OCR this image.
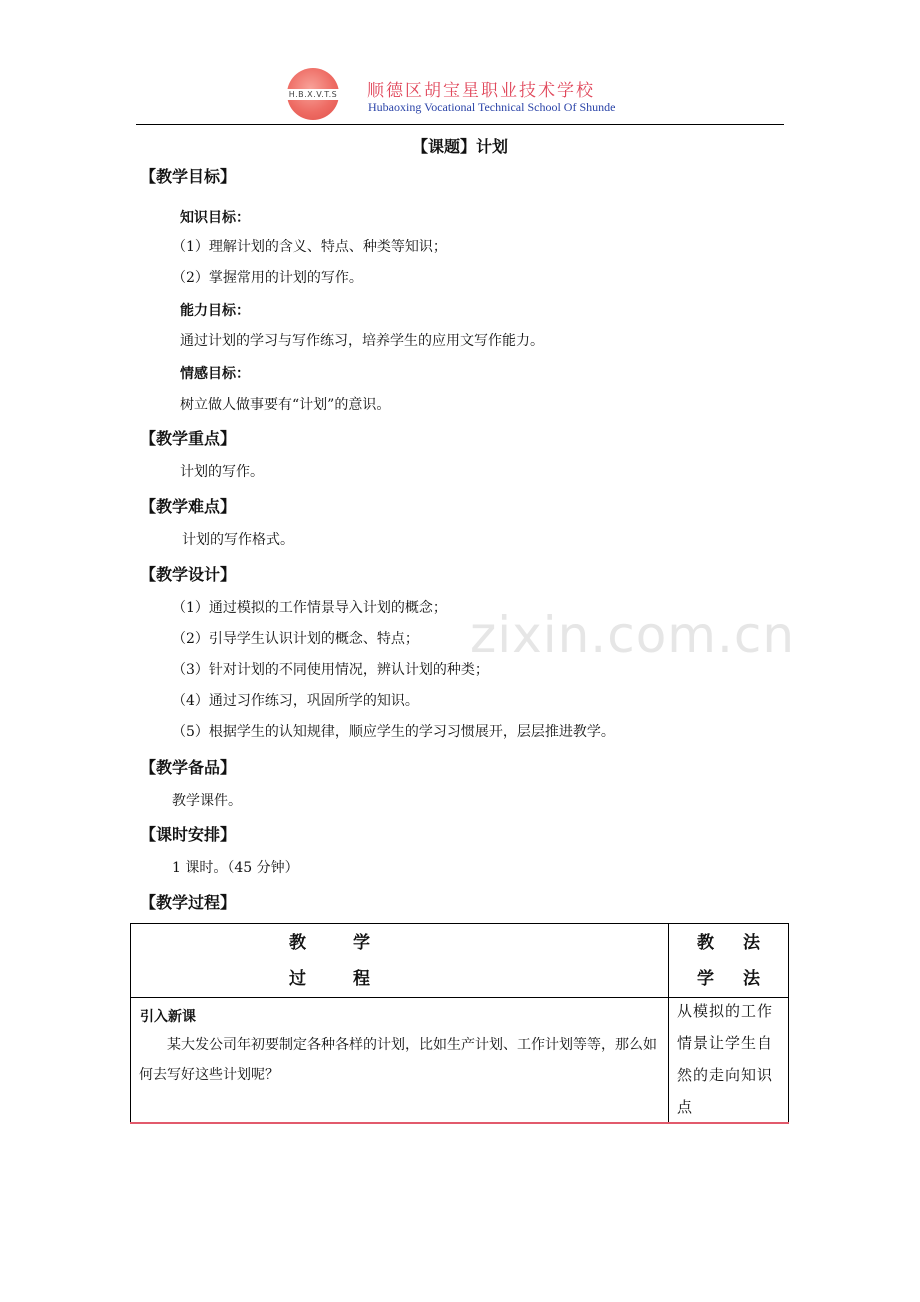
H.B.X.V.T.S 顺德区胡宝星职业技术学校
Hubaoxing Vocational Technical School Of Shunde
【课题】计划
【教学目标】
知识目标：
（1）理解计划的含义、特点、种类等知识；
（2）掌握常用的计划的写作。
能力目标：
通过计划的学习与写作练习，培养学生的应用文写作能力。
情感目标：
树立做人做事要有“计划”的意识。
【教学重点】
计划的写作。
【教学难点】
计划的写作格式。
【教学设计】
（1）通过模拟的工作情景导入计划的概念；
（2）引导学生认识计划的概念、特点；
（3）针对计划的不同使用情况，辨认计划的种类；
（4）通过习作练习，巩固所学的知识。
（5）根据学生的认知规律，顺应学生的学习习惯展开，层层推进教学。
zixin.com.cn
【教学备品】
教学课件。
【课时安排】
1 课时。（45 分钟）
【教学过程】
教	学
过	程
教 法
学 法
引入新课
某大发公司年初要制定各种各样的计划，比如生产计划、工作计划等等，那么如何去写好这些计划呢？
从模拟的工作情景让学生自然的走向知识点
